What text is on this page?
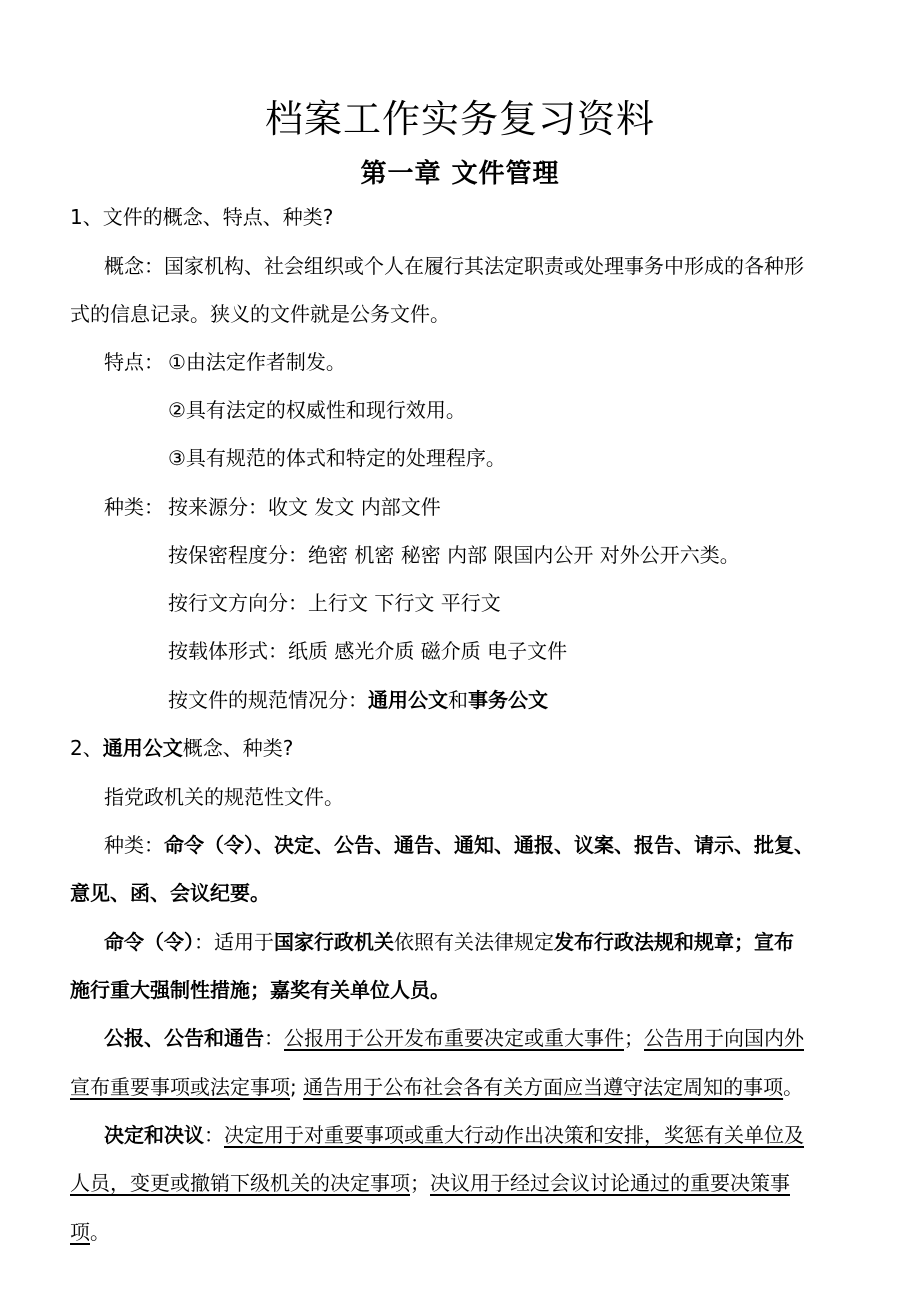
档案工作实务复习资料
第一章 文件管理
1、文件的概念、特点、种类?
概念：国家机构、社会组织或个人在履行其法定职责或处理事务中形成的各种形
式的信息记录。狭义的文件就是公务文件。
特点： ①由法定作者制发。
②具有法定的权威性和现行效用。
③具有规范的体式和特定的处理程序。
种类： 按来源分：收文 发文 内部文件
按保密程度分：绝密 机密 秘密 内部 限国内公开 对外公开六类。
按行文方向分：上行文 下行文 平行文
按载体形式：纸质 感光介质 磁介质 电子文件
按文件的规范情况分：通用公文和事务公文
2、通用公文概念、种类?
指党政机关的规范性文件。
种类：命令（令）、决定、公告、通告、通知、通报、议案、报告、请示、批复、
意见、函、会议纪要。
命令（令）：适用于国家行政机关依照有关法律规定发布行政法规和规章；宣布
施行重大强制性措施；嘉奖有关单位人员。
公报、公告和通告：公报用于公开发布重要决定或重大事件；公告用于向国内外
宣布重要事项或法定事项; 通告用于公布社会各有关方面应当遵守法定周知的事项。
决定和决议：决定用于对重要事项或重大行动作出决策和安排，奖惩有关单位及
人员，变更或撤销下级机关的决定事项；决议用于经过会议讨论通过的重要决策事
项。
